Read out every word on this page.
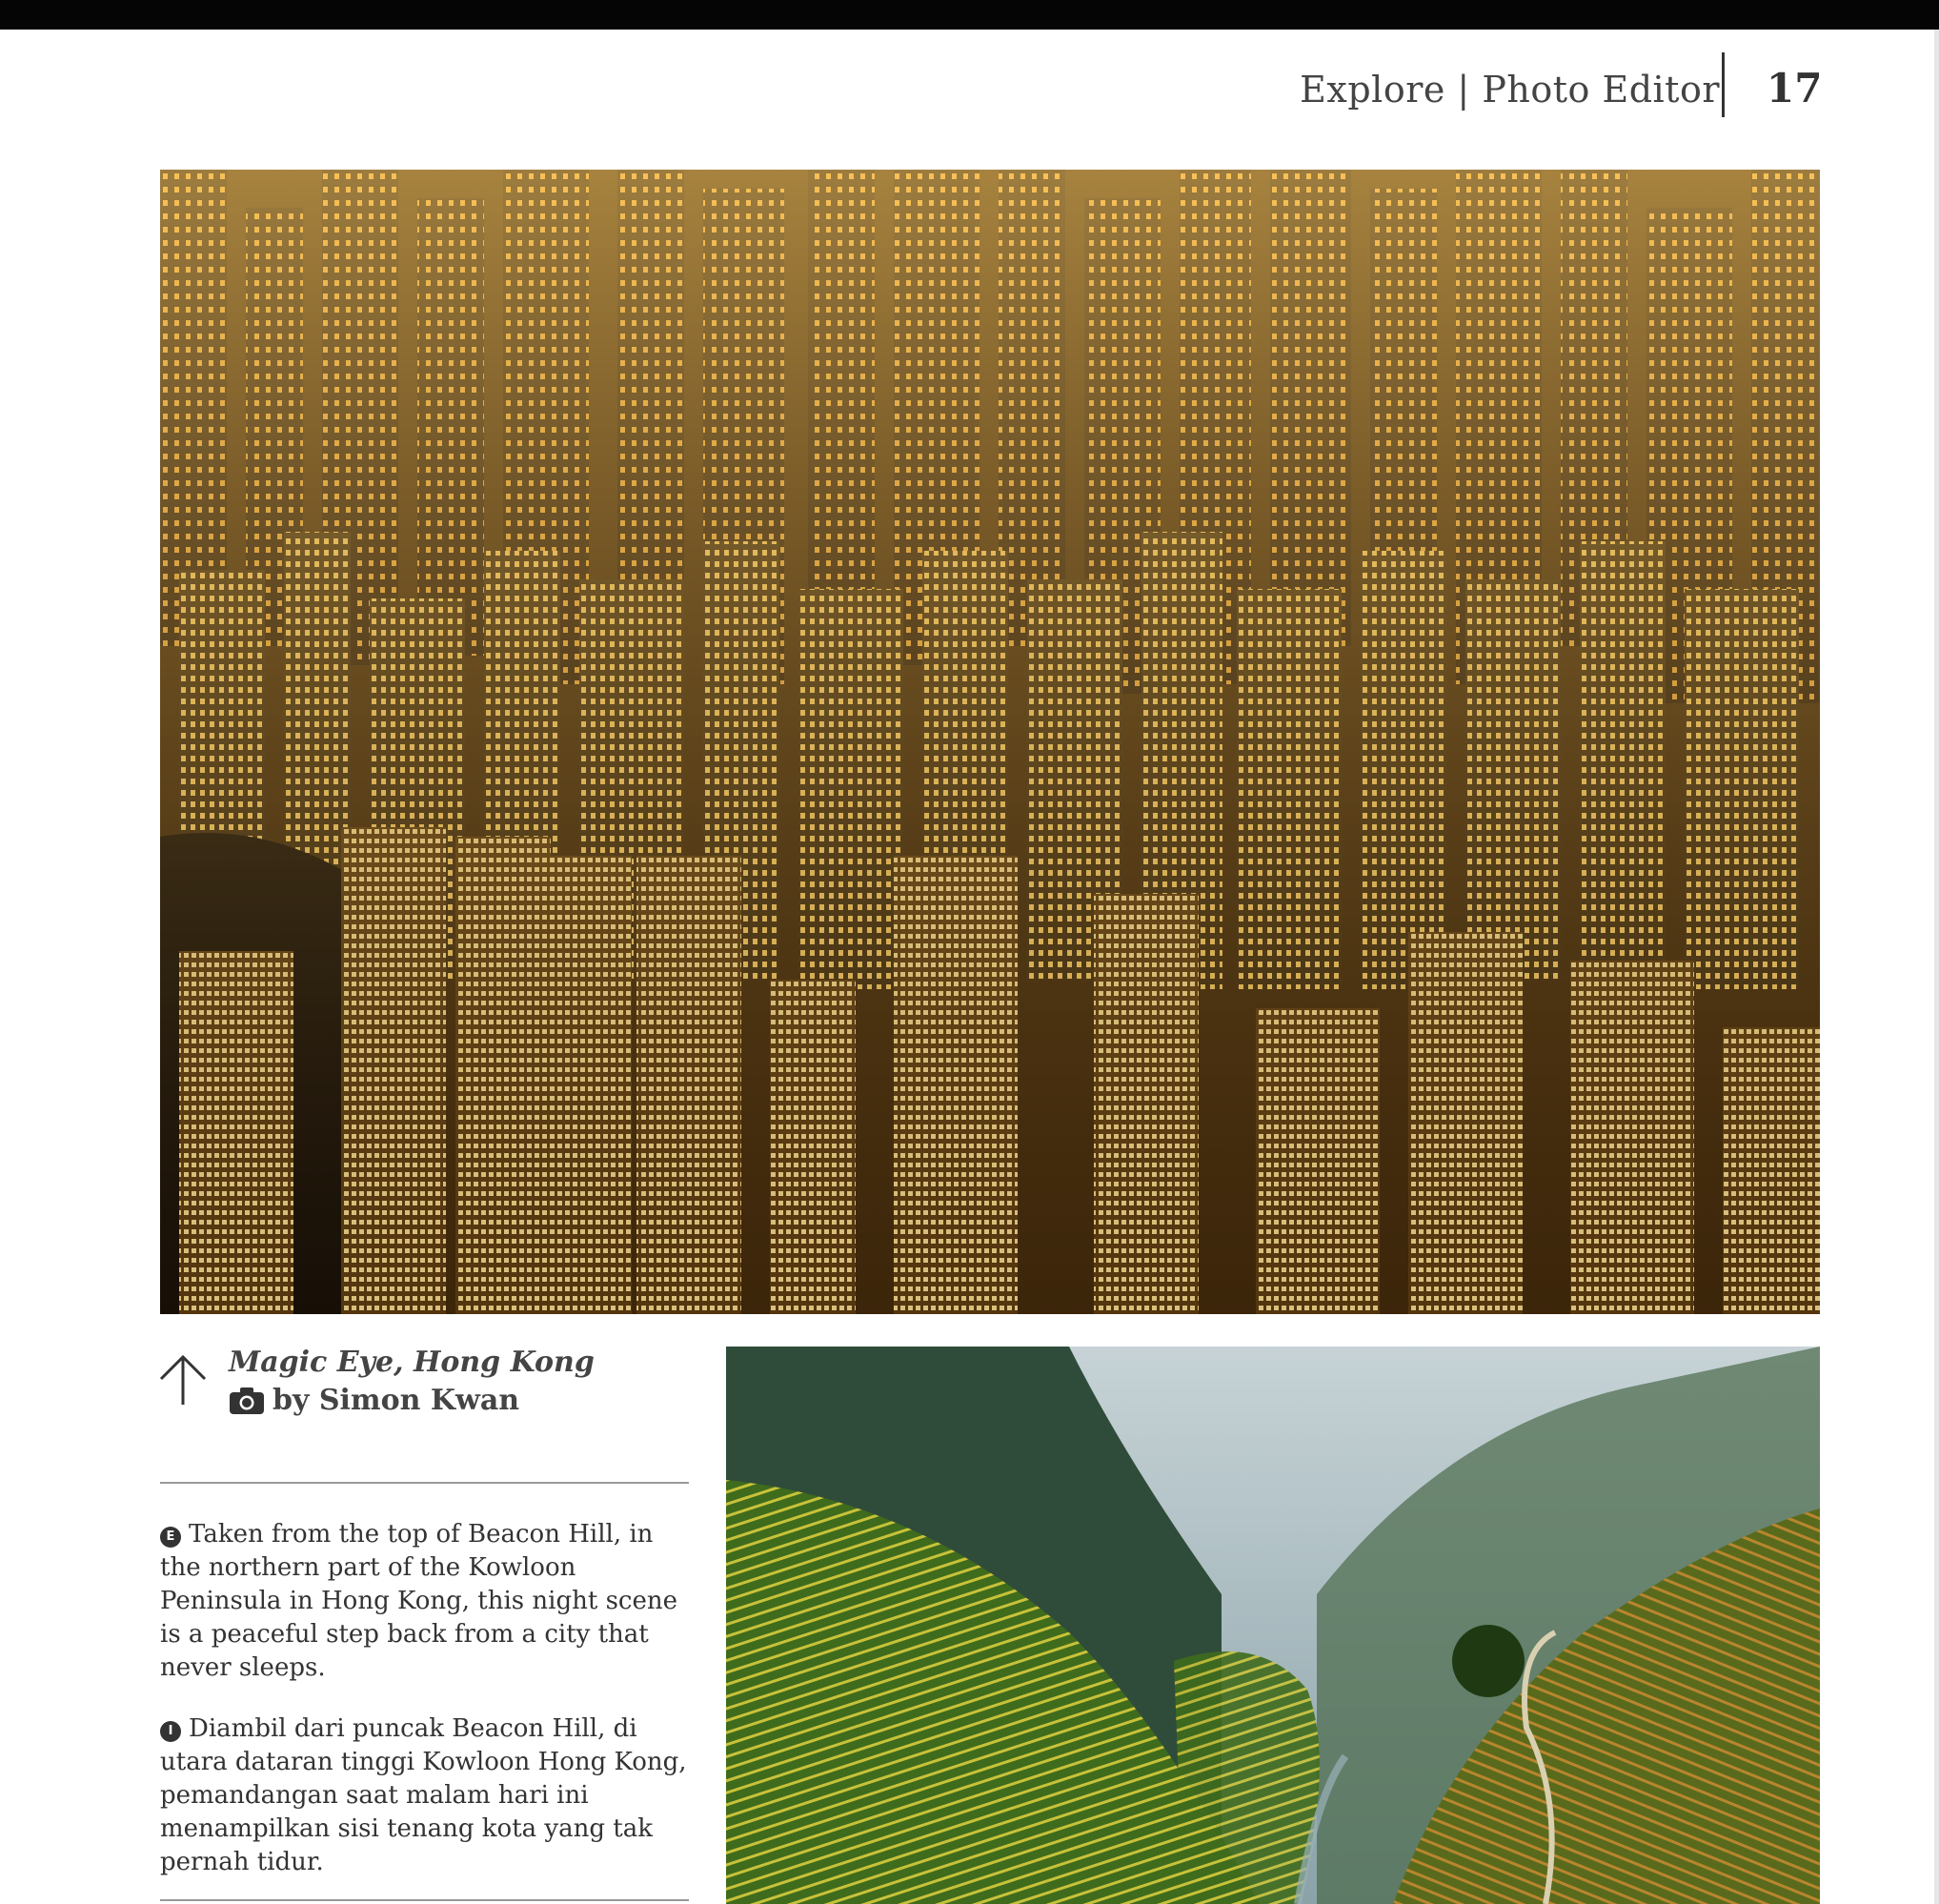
Explore | Photo Editor 17
Magic Eye, Hong Kong
by Simon Kwan

E Taken from the top of Beacon Hill, in the northern part of the Kowloon Peninsula in Hong Kong, this night scene is a peaceful step back from a city that never sleeps.

I Diambil dari puncak Beacon Hill, di utara dataran tinggi Kowloon Hong Kong, pemandangan saat malam hari ini menampilkan sisi tenang kota yang tak pernah tidur.
